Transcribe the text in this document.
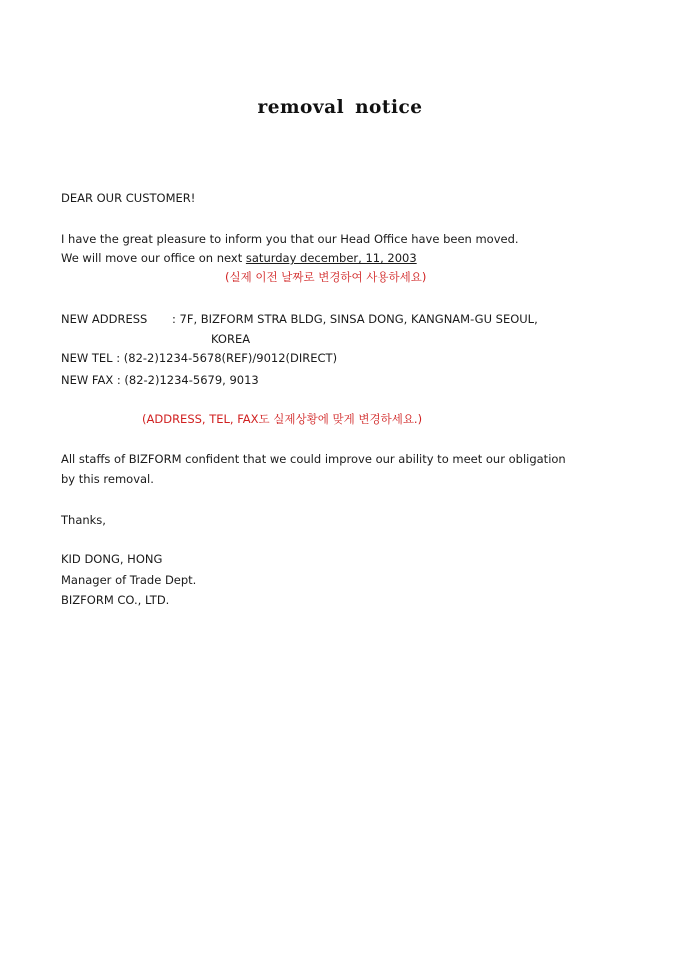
removal notice
DEAR OUR CUSTOMER!
I have the great pleasure to inform you that our Head Office have been moved.
We will move our office on next saturday december, 11, 2003
(실제 이전 날짜로 변경하여 사용하세요)
NEW ADDRESS : 7F, BIZFORM STRA BLDG, SINSA DONG, KANGNAM-GU SEOUL,
KOREA
NEW TEL : (82-2)1234-5678(REF)/9012(DIRECT)
NEW FAX : (82-2)1234-5679, 9013
(ADDRESS, TEL, FAX도 실제상황에 맞게 변경하세요.)
All staffs of BIZFORM confident that we could improve our ability to meet our obligation
by this removal.
Thanks,
KID DONG, HONG
Manager of Trade Dept.
BIZFORM CO., LTD.
